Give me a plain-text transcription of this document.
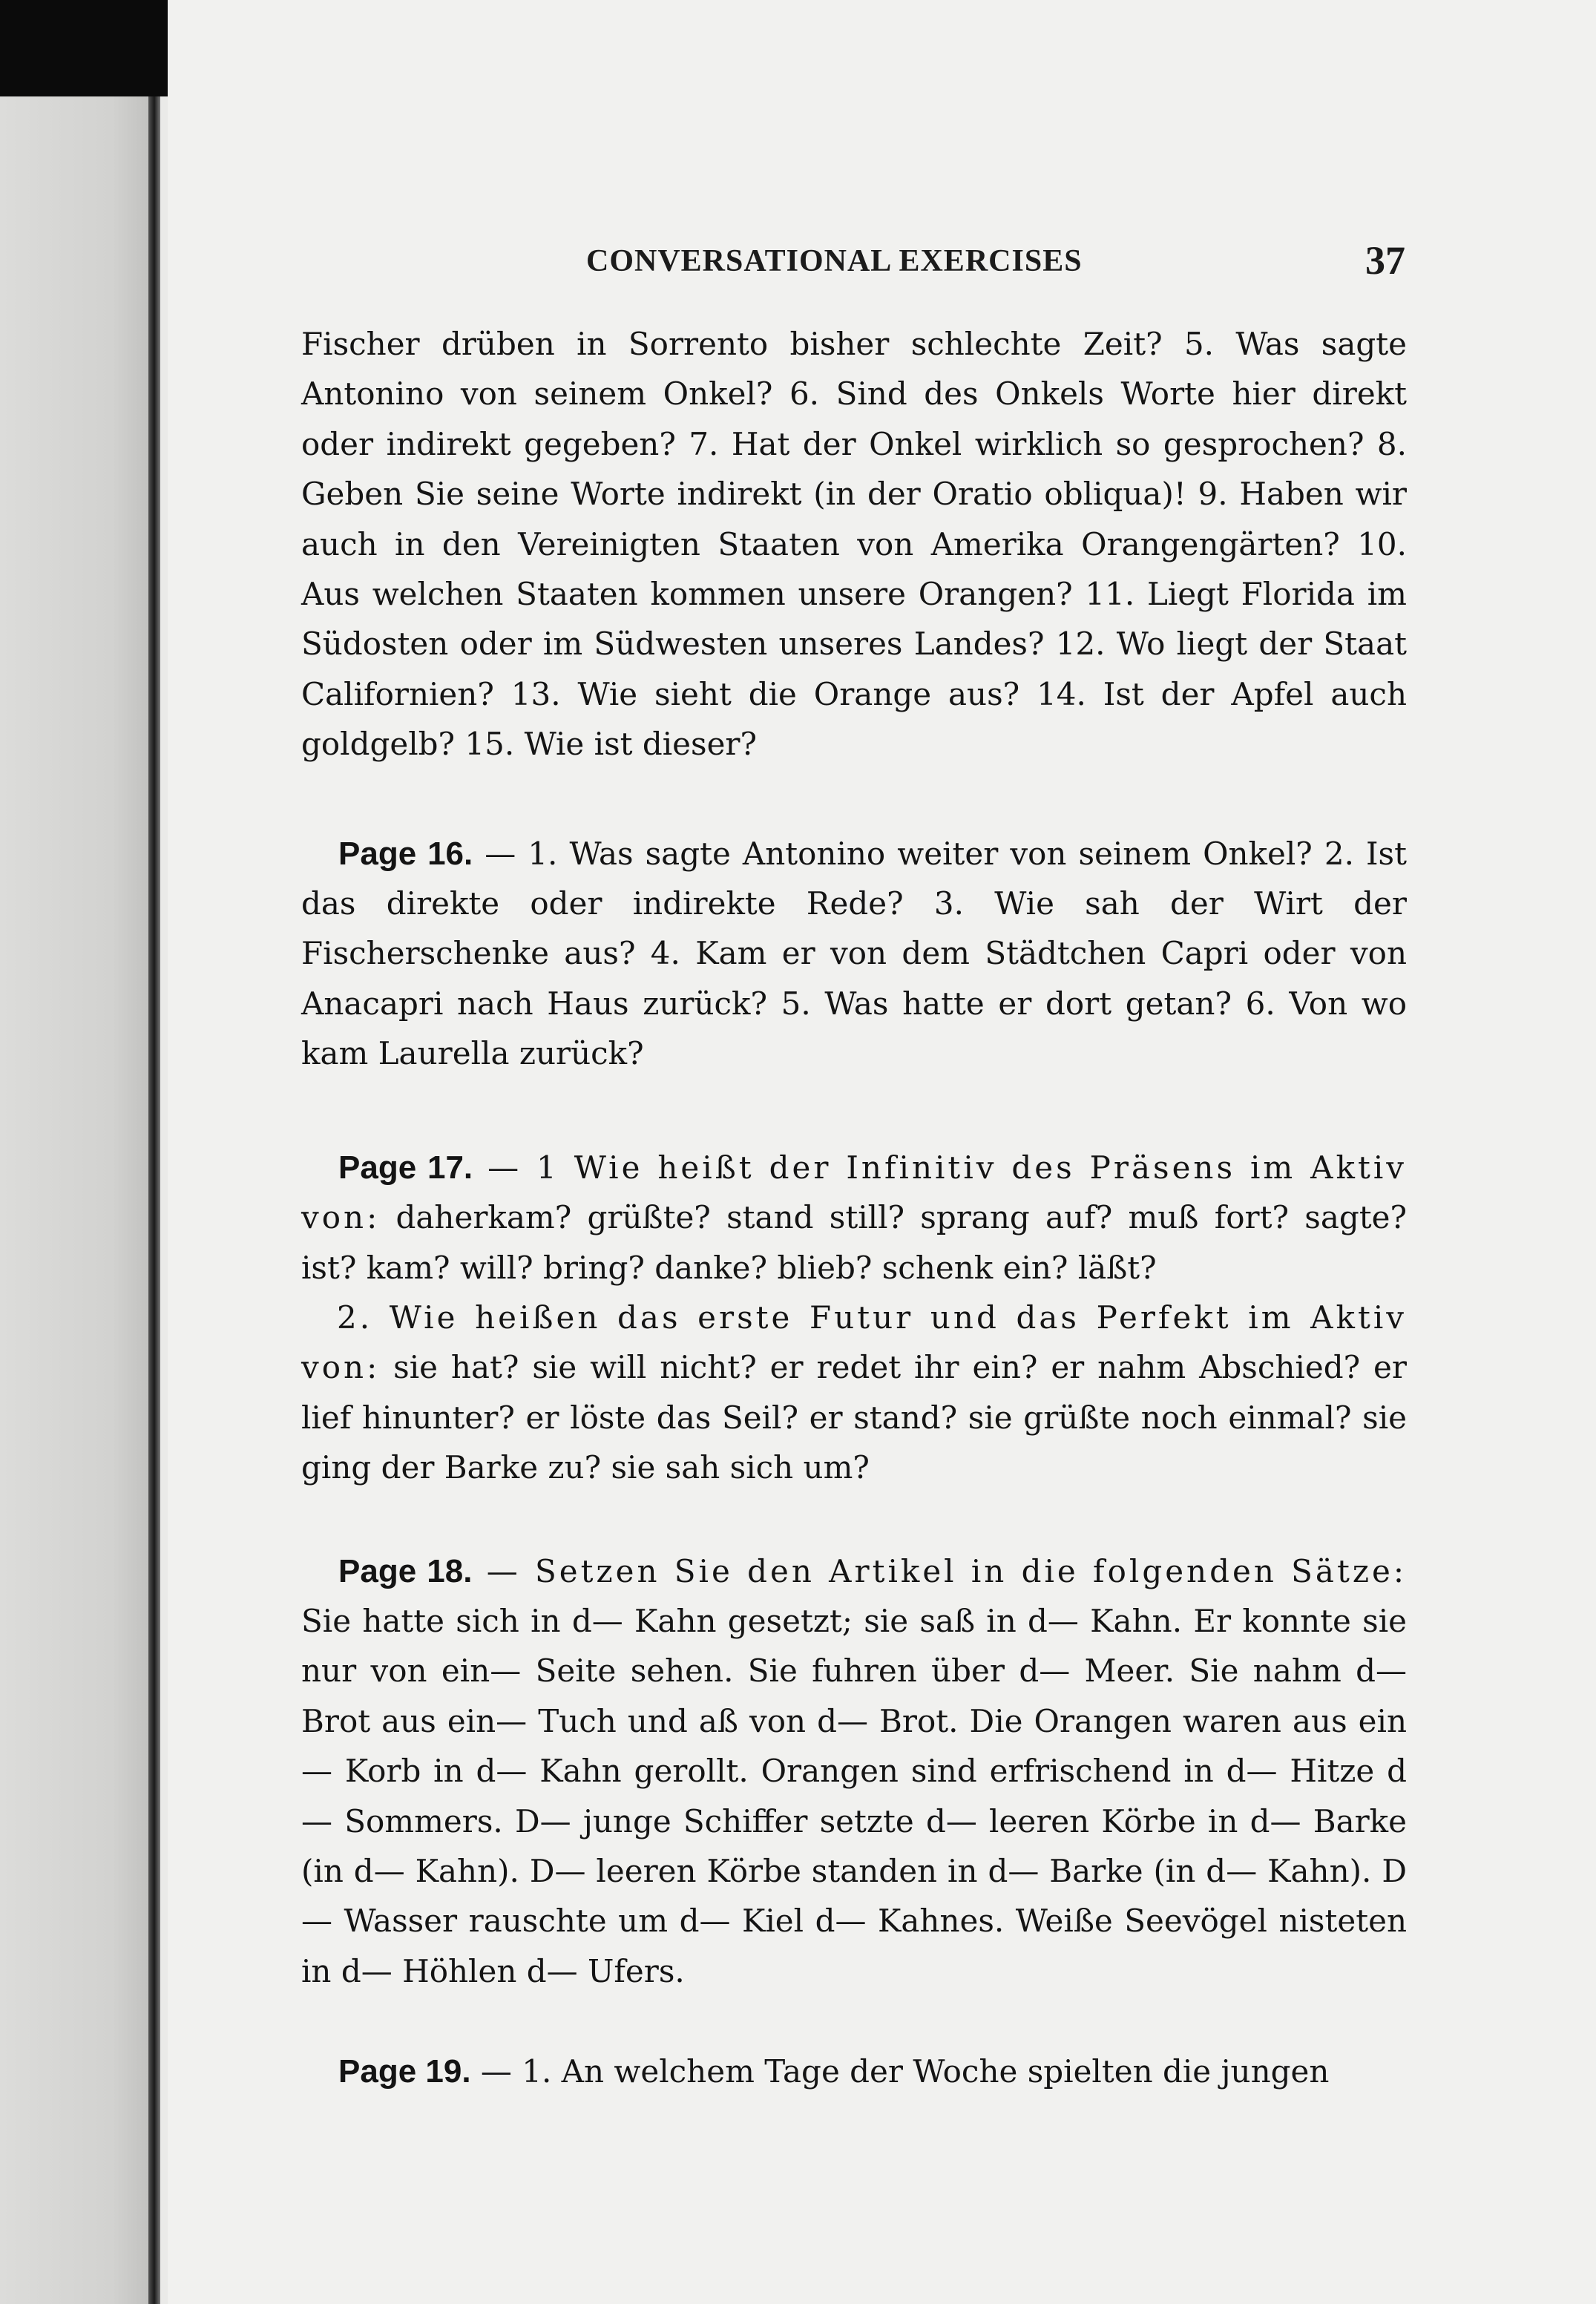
CONVERSATIONAL EXERCISES	37

Fischer drüben in Sorrento bisher schlechte Zeit? 5. Was sagte Antonino von seinem Onkel? 6. Sind des Onkels Worte hier direkt oder indirekt gegeben? 7. Hat der Onkel wirklich so gesprochen? 8. Geben Sie seine Worte indirekt (in der Oratio obliqua)! 9. Haben wir auch in den Vereinigten Staaten von Amerika Orangengärten? 10. Aus welchen Staaten kommen unsere Orangen? 11. Liegt Florida im Südosten oder im Südwesten unseres Landes? 12. Wo liegt der Staat Californien? 13. Wie sieht die Orange aus? 14. Ist der Apfel auch goldgelb? 15. Wie ist dieser?

Page 16. — 1. Was sagte Antonino weiter von seinem Onkel? 2. Ist das direkte oder indirekte Rede? 3. Wie sah der Wirt der Fischerschenke aus? 4. Kam er von dem Städtchen Capri oder von Anacapri nach Haus zurück? 5. Was hatte er dort getan? 6. Von wo kam Laurella zurück?

Page 17. — 1 Wie heißt der Infinitiv des Präsens im Aktiv von: daherkam? grüßte? stand still? sprang auf? muß fort? sagte? ist? kam? will? bring? danke? blieb? schenk ein? läßt?

2. Wie heißen das erste Futur und das Perfekt im Aktiv von: sie hat? sie will nicht? er redet ihr ein? er nahm Abschied? er lief hinunter? er löste das Seil? er stand? sie grüßte noch einmal? sie ging der Barke zu? sie sah sich um?

Page 18. — Setzen Sie den Artikel in die folgenden Sätze: Sie hatte sich in d— Kahn gesetzt; sie saß in d— Kahn. Er konnte sie nur von ein— Seite sehen. Sie fuhren über d— Meer. Sie nahm d— Brot aus ein— Tuch und aß von d— Brot. Die Orangen waren aus ein— Korb in d— Kahn gerollt. Orangen sind erfrischend in d— Hitze d— Sommers. D— junge Schiffer setzte d— leeren Körbe in d— Barke (in d— Kahn). D— leeren Körbe standen in d— Barke (in d— Kahn). D— Wasser rauschte um d— Kiel d— Kahnes. Weiße Seevögel nisteten in d— Höhlen d— Ufers.

Page 19. — 1. An welchem Tage der Woche spielten die jungen
